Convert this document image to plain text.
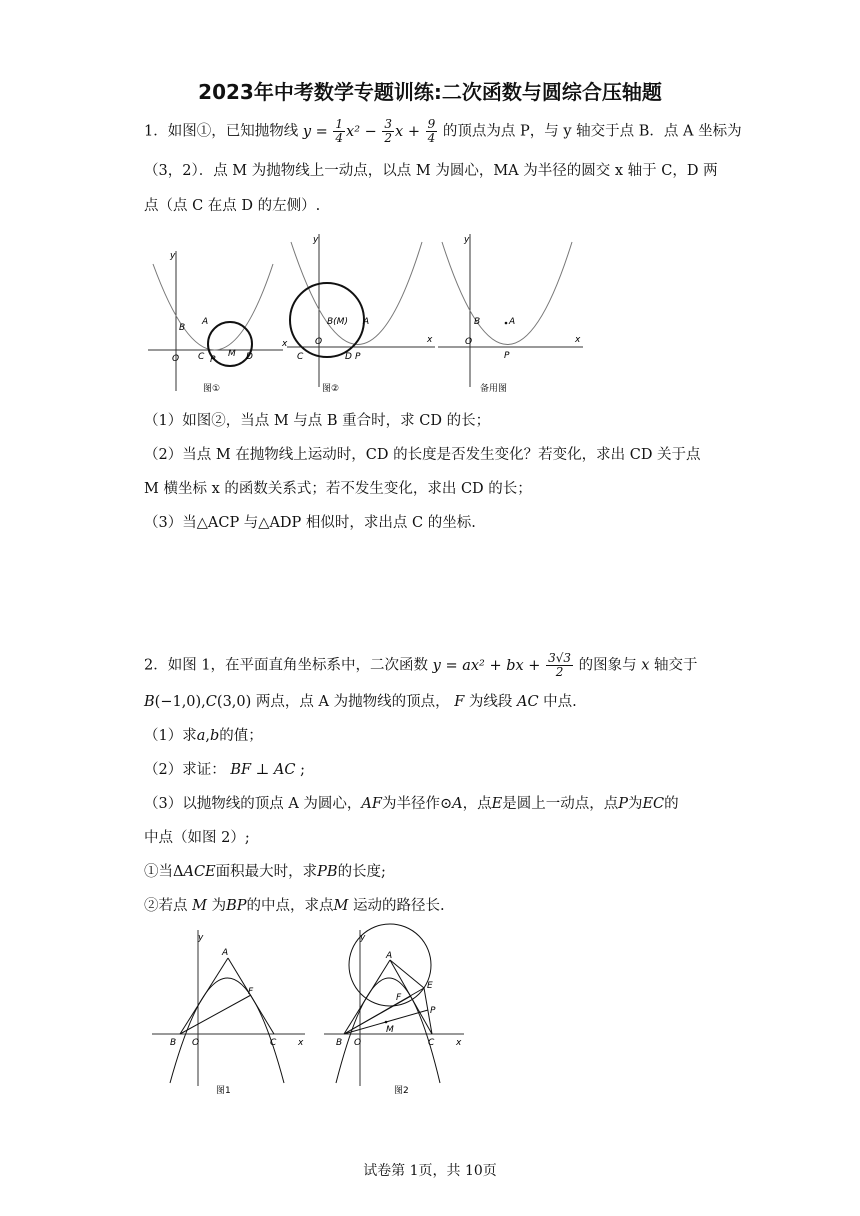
2023年中考数学专题训练:二次函数与圆综合压轴题
1．如图①，已知抛物线 $y = \frac{1}{4} x^2 - \frac{3}{2}$ $x + \frac{9}{4}$ 的顶点为点 P，与 y 轴交于点 B．点 A 坐标为
（3，2）．点 M 为抛物线上一动点，以点 M 为圆心，MA 为半径的圆交 x 轴于 C，D 两
点（点 C 在点 D 的左侧）.
x
y
B
A
O C P
M D
图①
x
y
B(M) A
O
C	D P
图②
x
y
B	A
O
P
备用图
（1）如图②，当点 M 与点 B 重合时，求 CD 的长；
（2）当点 M 在抛物线上运动时，CD 的长度是否发生变化？若变化，求出 CD 关于点
M 横坐标 x 的函数关系式；若不发生变化，求出 CD 的长；
（3）当△ACP 与△ADP 相似时，求出点 C 的坐标.
2．如图 1，在平面直角坐标系中，二次函数 y = ax² + bx + $\frac{3√3}{2}$ 的图象与 x 轴交于
B(−1,0),C(3,0) 两点，点 A 为抛物线的顶点， F 为线段 AC 中点.
（1）求a,b的值；
（2）求证： BF ⊥ AC ;
（3）以抛物线的顶点 A 为圆心，AF为半径作⊙A，点E是圆上一动点，点P为EC的
中点（如图 2）;
①当ΔACE面积最大时，求PB的长度;
②若点 M 为BP的中点，求点M 运动的路径长.
x
y
A
F
B O	C
图1
x
y
A
F
E
P
M
B O	C
图2
试卷第 1页，共 10页
